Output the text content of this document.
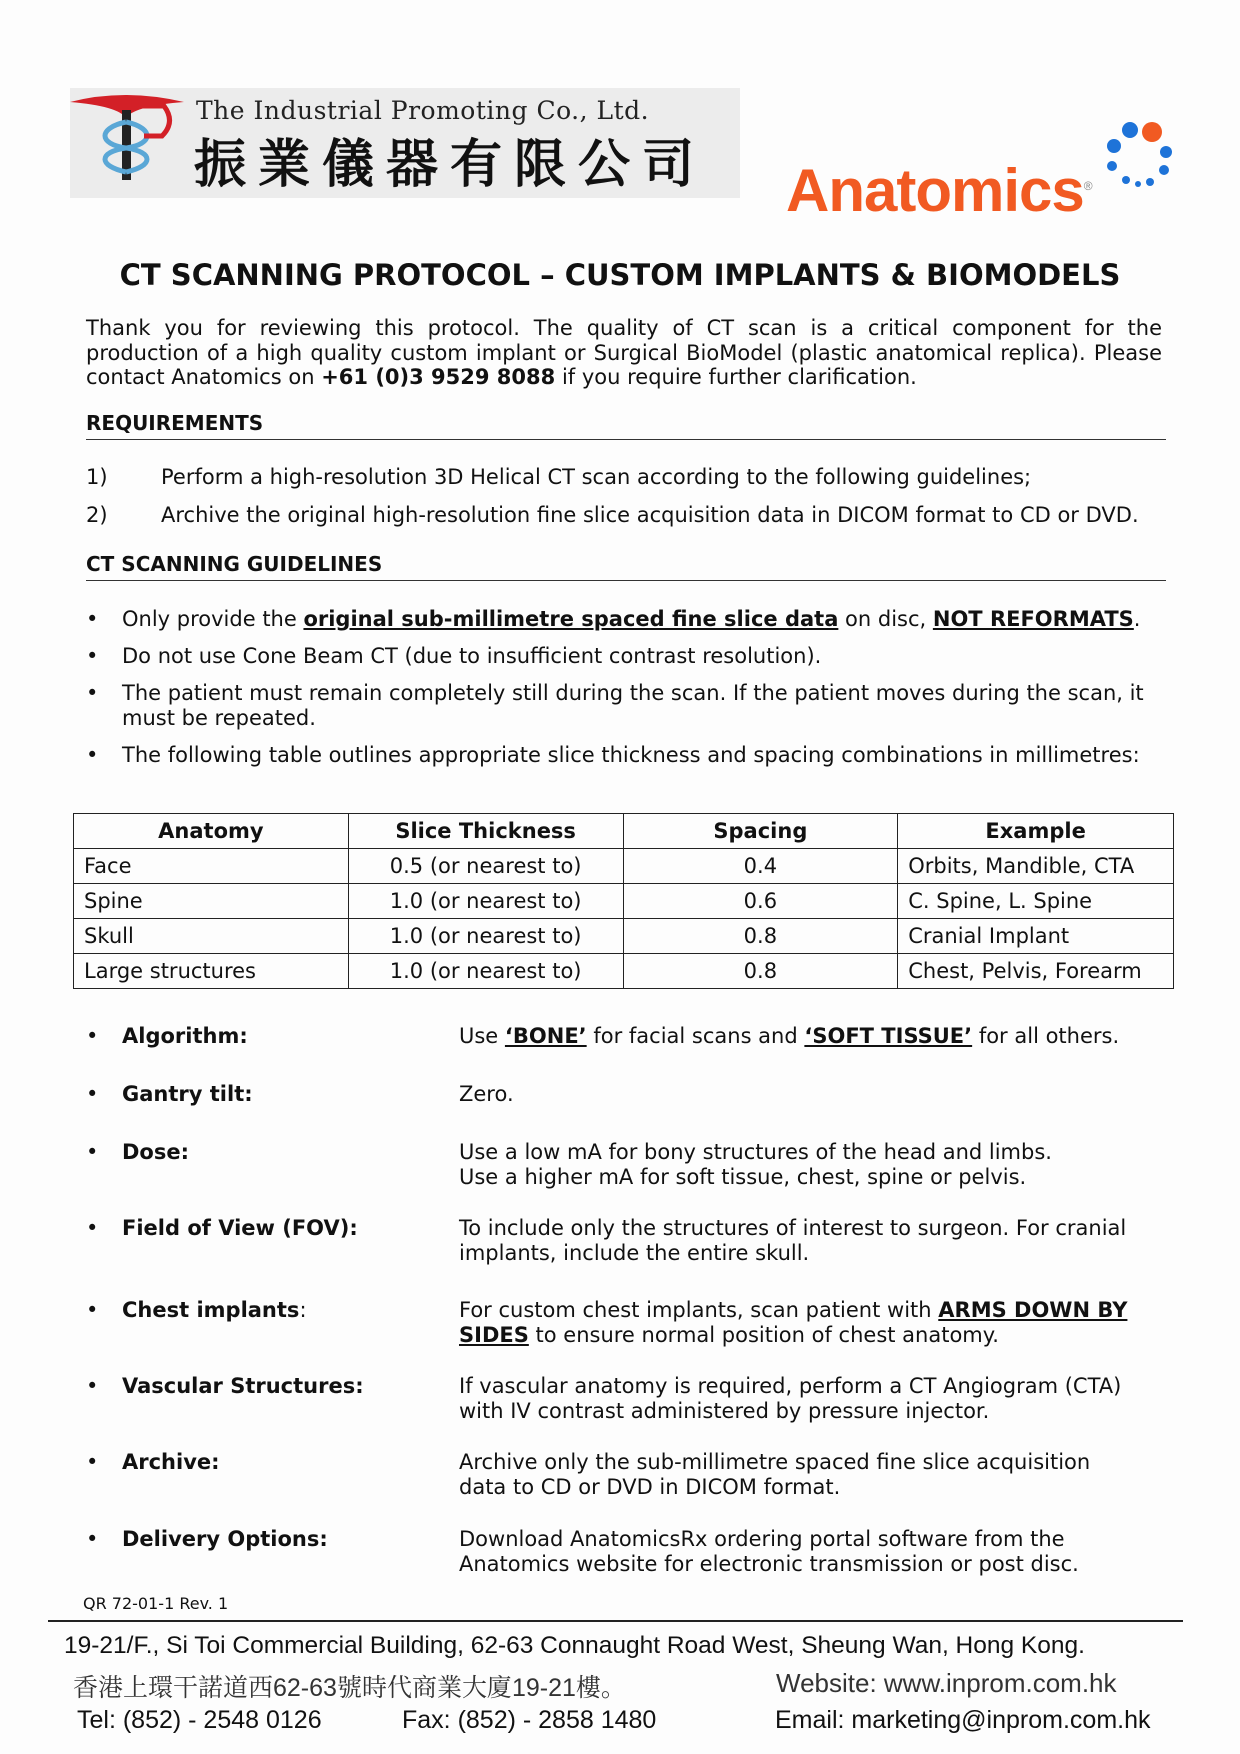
The Industrial Promoting Co., Ltd.
振業儀器有限公司 Anatomics®
CT SCANNING PROTOCOL – CUSTOM IMPLANTS & BIOMODELS
Thank you for reviewing this protocol. The quality of CT scan is a critical component for the production of a high quality custom implant or Surgical BioModel (plastic anatomical replica). Please contact Anatomics on +61 (0)3 9529 8088 if you require further clarification.
REQUIREMENTS
1)	Perform a high-resolution 3D Helical CT scan according to the following guidelines;
2)	Archive the original high-resolution fine slice acquisition data in DICOM format to CD or DVD.
CT SCANNING GUIDELINES
• Only provide the original sub-millimetre spaced fine slice data on disc, NOT REFORMATS.
• Do not use Cone Beam CT (due to insufficient contrast resolution).
• The patient must remain completely still during the scan. If the patient moves during the scan, it
must be repeated.
• The following table outlines appropriate slice thickness and spacing combinations in millimetres:
Anatomy	Slice Thickness	Spacing	Example
Face	0.5 (or nearest to)	0.4	Orbits, Mandible, CTA
Spine	1.0 (or nearest to)	0.6	C. Spine, L. Spine
Skull	1.0 (or nearest to)	0.8	Cranial Implant
Large structures	1.0 (or nearest to)	0.8	Chest, Pelvis, Forearm
• Algorithm:	Use ‘BONE’ for facial scans and ‘SOFT TISSUE’ for all others.
• Gantry tilt:	Zero.
• Dose:	Use a low mA for bony structures of the head and limbs.
Use a higher mA for soft tissue, chest, spine or pelvis.
• Field of View (FOV):	To include only the structures of interest to surgeon. For cranial
implants, include the entire skull.
• Chest implants:	For custom chest implants, scan patient with ARMS DOWN BY
SIDES to ensure normal position of chest anatomy.
• Vascular Structures:	If vascular anatomy is required, perform a CT Angiogram (CTA)
with IV contrast administered by pressure injector.
• Archive:	Archive only the sub-millimetre spaced fine slice acquisition
data to CD or DVD in DICOM format.
• Delivery Options:	Download AnatomicsRx ordering portal software from the
Anatomics website for electronic transmission or post disc.
QR 72-01-1 Rev. 1
19-21/F., Si Toi Commercial Building, 62-63 Connaught Road West, Sheung Wan, Hong Kong.
香港上環干諾道西62-63號時代商業大廈19-21樓。	Website: www.inprom.com.hk
Tel: (852) - 2548 0126	Fax: (852) - 2858 1480	Email: marketing@inprom.com.hk
